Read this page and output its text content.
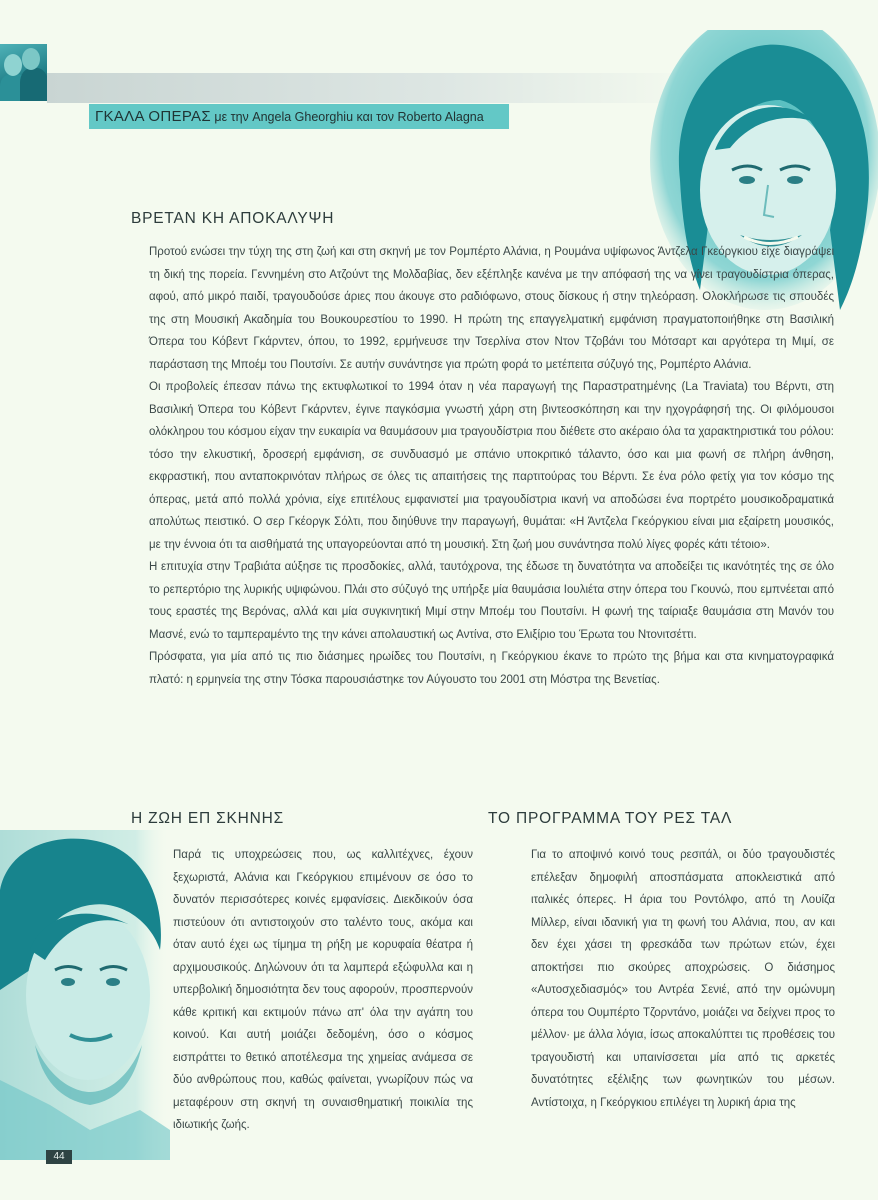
ΓΚΑΛΑ ΟΠΕΡΑΣ με την Angela Gheorghiu και τον Roberto Alagna
ΒΡΕΤΑΝ ΚΗ ΑΠΟΚΑΛΥΨΗ

Προτού ενώσει την τύχη της στη ζωή και στη σκηνή με τον Ρομπέρτο Αλάνια, η Ρουμάνα υψίφωνος Άντζελα Γκεόργκιου είχε διαγράψει τη δική της πορεία. Γεννημένη στο Ατζούντ της Μολδαβίας, δεν εξέπληξε κανένα με την απόφασή της να γίνει τραγουδίστρια όπερας, αφού, από μικρό παιδί, τραγουδούσε άριες που άκουγε στο ραδιόφωνο, στους δίσκους ή στην τηλεόραση. Ολοκλήρωσε τις σπουδές της στη Μουσική Ακαδημία του Βουκουρεστίου το 1990. Η πρώτη της επαγγελματική εμφάνιση πραγματοποιήθηκε στη Βασιλική Όπερα του Κόβεντ Γκάρντεν, όπου, το 1992, ερμήνευσε την Τσερλίνα στον Ντον Τζοβάνι του Μότσαρτ και αργότερα τη Μιμί, σε παράσταση της Μποέμ του Πουτσίνι. Σε αυτήν συνάντησε για πρώτη φορά το μετέπειτα σύζυγό της, Ρομπέρτο Αλάνια.

Οι προβολείς έπεσαν πάνω της εκτυφλωτικοί το 1994 όταν η νέα παραγωγή της Παραστρατημένης (La Traviata) του Βέρντι, στη Βασιλική Όπερα του Κόβεντ Γκάρντεν, έγινε παγκόσμια γνωστή χάρη στη βιντεοσκόπηση και την ηχογράφησή της. Οι φιλόμουσοι ολόκληρου του κόσμου είχαν την ευκαιρία να θαυμάσουν μια τραγουδίστρια που διέθετε στο ακέραιο όλα τα χαρακτηριστικά του ρόλου: τόσο την ελκυστική, δροσερή εμφάνιση, σε συνδυασμό με σπάνιο υποκριτικό τάλαντο, όσο και μια φωνή σε πλήρη άνθηση, εκφραστική, που ανταποκρινόταν πλήρως σε όλες τις απαιτήσεις της παρτιτούρας του Βέρντι. Σε ένα ρόλο φετίχ για τον κόσμο της όπερας, μετά από πολλά χρόνια, είχε επιτέλους εμφανιστεί μια τραγουδίστρια ικανή να αποδώσει ένα πορτρέτο μουσικοδραματικά απολύτως πειστικό. Ο σερ Γκέοργκ Σόλτι, που διηύθυνε την παραγωγή, θυμάται: «Η Άντζελα Γκεόργκιου είναι μια εξαίρετη μουσικός, με την έννοια ότι τα αισθήματά της υπαγορεύονται από τη μουσική. Στη ζωή μου συνάντησα πολύ λίγες φορές κάτι τέτοιο».

Η επιτυχία στην Τραβιάτα αύξησε τις προσδοκίες, αλλά, ταυτόχρονα, της έδωσε τη δυνατότητα να αποδείξει τις ικανότητές της σε όλο το ρεπερτόριο της λυρικής υψιφώνου. Πλάι στο σύζυγό της υπήρξε μία θαυμάσια Ιουλιέτα στην όπερα του Γκουνώ, που εμπνέεται από τους εραστές της Βερόνας, αλλά και μία συγκινητική Μιμί στην Μποέμ του Πουτσίνι. Η φωνή της ταίριαξε θαυμάσια στη Μανόν του Μασνέ, ενώ το ταμπεραμέντο της την κάνει απολαυστική ως Αντίνα, στο Ελιξίριο του Έρωτα του Ντονιτσέττι.

Πρόσφατα, για μία από τις πιο διάσημες ηρωίδες του Πουτσίνι, η Γκεόργκιου έκανε το πρώτο της βήμα και στα κινηματογραφικά πλατό: η ερμηνεία της στην Τόσκα παρουσιάστηκε τον Αύγουστο του 2001 στη Μόστρα της Βενετίας.

Η ΖΩΗ ΕΠ ΣΚΗΝΗΣ
Παρά τις υποχρεώσεις που, ως καλλιτέχνες, έχουν ξεχωριστά, Αλάνια και Γκεόργκιου επιμένουν σε όσο το δυνατόν περισσότερες κοινές εμφανίσεις. Διεκδικούν όσα πιστεύουν ότι αντιστοιχούν στο ταλέντο τους, ακόμα και όταν αυτό έχει ως τίμημα τη ρήξη με κορυφαία θέατρα ή αρχιμουσικούς. Δηλώνουν ότι τα λαμπερά εξώφυλλα και η υπερβολική δημοσιότητα δεν τους αφορούν, προσπερνούν κάθε κριτική και εκτιμούν πάνω απ' όλα την αγάπη του κοινού. Και αυτή μοιάζει δεδομένη, όσο ο κόσμος εισπράττει το θετικό αποτέλεσμα της χημείας ανάμεσα σε δύο ανθρώπους που, καθώς φαίνεται, γνωρίζουν πώς να μεταφέρουν στη σκηνή τη συναισθηματική ποικιλία της ιδιωτικής ζωής.
ΤΟ ΠΡΟΓΡΑΜΜΑ ΤΟΥ ΡΕΣ ΤΑΛ
Για το αποψινό κοινό τους ρεσιτάλ, οι δύο τραγουδιστές επέλεξαν δημοφιλή αποσπάσματα αποκλειστικά από ιταλικές όπερες. Η άρια του Ροντόλφο, από τη Λουίζα Μίλλερ, είναι ιδανική για τη φωνή του Αλάνια, που, αν και δεν έχει χάσει τη φρεσκάδα των πρώτων ετών, έχει αποκτήσει πιο σκούρες αποχρώσεις. Ο διάσημος «Αυτοσχεδιασμός» του Αντρέα Σενιέ, από την ομώνυμη όπερα του Ουμπέρτο Τζορντάνο, μοιάζει να δείχνει προς το μέλλον· με άλλα λόγια, ίσως αποκαλύπτει τις προθέσεις του τραγουδιστή και υπαινίσσεται μία από τις αρκετές δυνατότητες εξέλιξης των φωνητικών του μέσων. Αντίστοιχα, η Γκεόργκιου επιλέγει τη λυρική άρια της
44
